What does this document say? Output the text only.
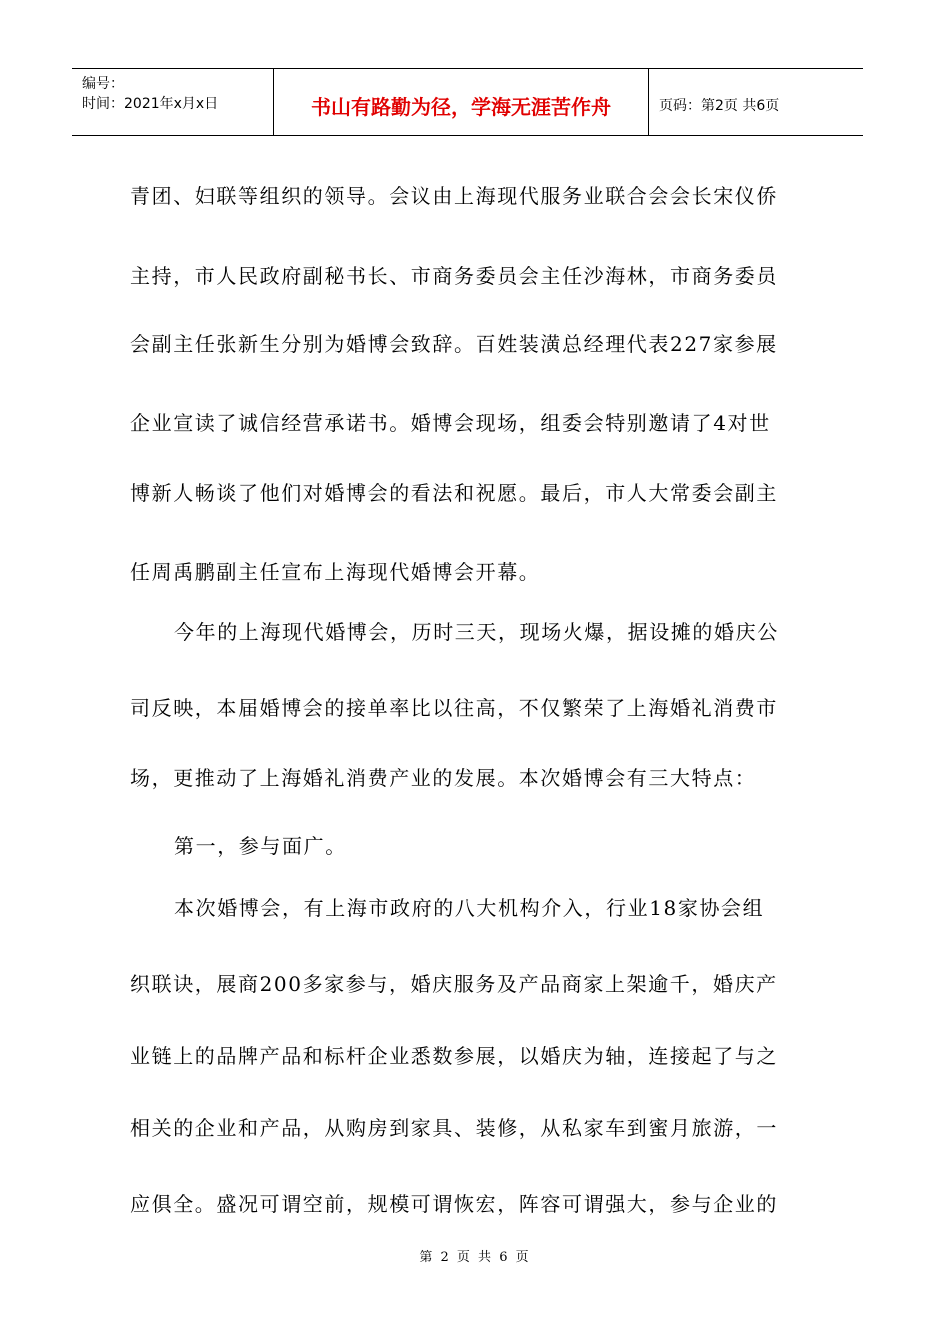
编号：
时间：2021年x月x日	书山有路勤为径，学海无涯苦作舟	页码：第2页 共6页
青团、妇联等组织的领导。会议由上海现代服务业联合会会长宋仪侨
主持，市人民政府副秘书长、市商务委员会主任沙海林，市商务委员
会副主任张新生分别为婚博会致辞。百姓装潢总经理代表227家参展
企业宣读了诚信经营承诺书。婚博会现场，组委会特别邀请了4对世
博新人畅谈了他们对婚博会的看法和祝愿。最后，市人大常委会副主
任周禹鹏副主任宣布上海现代婚博会开幕。
今年的上海现代婚博会，历时三天，现场火爆，据设摊的婚庆公
司反映，本届婚博会的接单率比以往高，不仅繁荣了上海婚礼消费市
场，更推动了上海婚礼消费产业的发展。本次婚博会有三大特点：
第一，参与面广。
本次婚博会，有上海市政府的八大机构介入，行业18家协会组
织联诀，展商200多家参与，婚庆服务及产品商家上架逾千，婚庆产
业链上的品牌产品和标杆企业悉数参展，以婚庆为轴，连接起了与之
相关的企业和产品，从购房到家具、装修，从私家车到蜜月旅游，一
应俱全。盛况可谓空前，规模可谓恢宏，阵容可谓强大，参与企业的
第 2 页 共 6 页
